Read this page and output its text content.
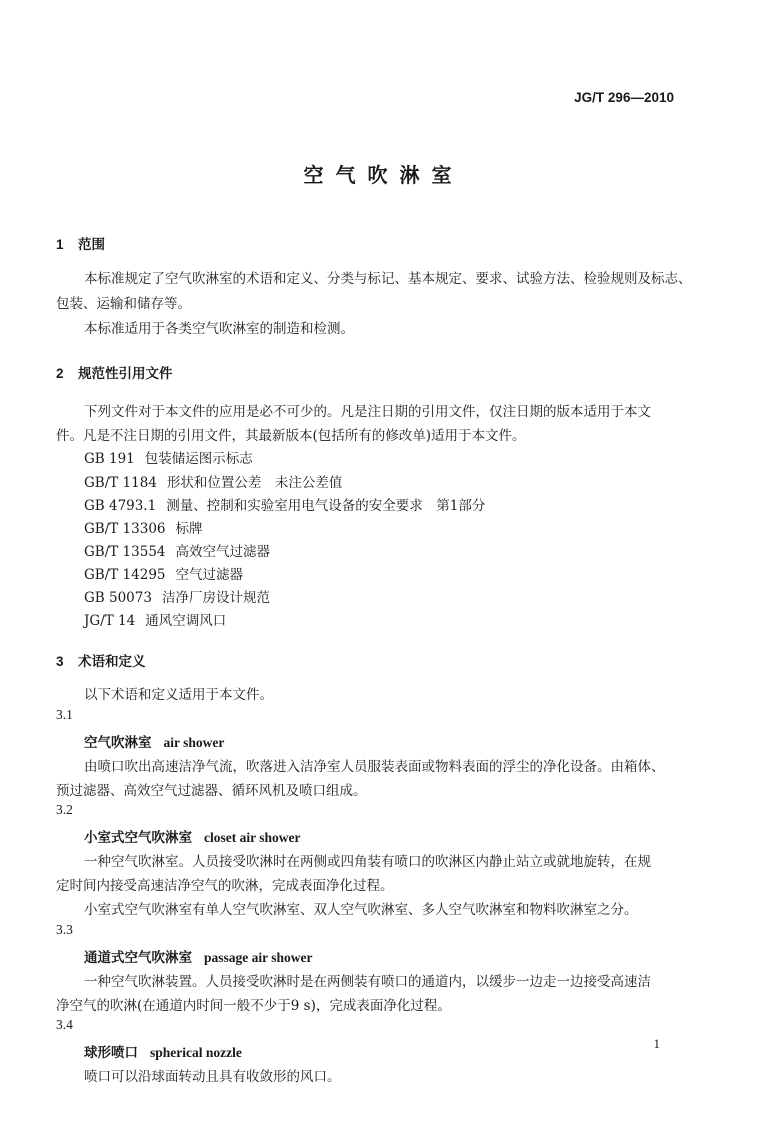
JG/T 296—2010
空气吹淋室
1 范围
本标准规定了空气吹淋室的术语和定义、分类与标记、基本规定、要求、试验方法、检验规则及标志、
包装、运输和储存等。
本标准适用于各类空气吹淋室的制造和检测。
2 规范性引用文件
下列文件对于本文件的应用是必不可少的。凡是注日期的引用文件，仅注日期的版本适用于本文
件。凡是不注日期的引用文件，其最新版本(包括所有的修改单)适用于本文件。
GB 191 包装储运图示标志
GB/T 1184 形状和位置公差　未注公差值
GB 4793.1 测量、控制和实验室用电气设备的安全要求　第1部分
GB/T 13306 标牌
GB/T 13554 高效空气过滤器
GB/T 14295 空气过滤器
GB 50073 洁净厂房设计规范
JG/T 14 通风空调风口
3 术语和定义
以下术语和定义适用于本文件。
3.1
空气吹淋室 air shower
由喷口吹出高速洁净气流，吹落进入洁净室人员服装表面或物料表面的浮尘的净化设备。由箱体、
预过滤器、高效空气过滤器、循环风机及喷口组成。
3.2
小室式空气吹淋室 closet air shower
一种空气吹淋室。人员接受吹淋时在两侧或四角装有喷口的吹淋区内静止站立或就地旋转，在规
定时间内接受高速洁净空气的吹淋，完成表面净化过程。
小室式空气吹淋室有单人空气吹淋室、双人空气吹淋室、多人空气吹淋室和物料吹淋室之分。
3.3
通道式空气吹淋室 passage air shower
一种空气吹淋装置。人员接受吹淋时是在两侧装有喷口的通道内，以缓步一边走一边接受高速洁
净空气的吹淋(在通道内时间一般不少于9 s)，完成表面净化过程。
3.4
球形喷口 spherical nozzle
喷口可以沿球面转动且具有收敛形的风口。
1
